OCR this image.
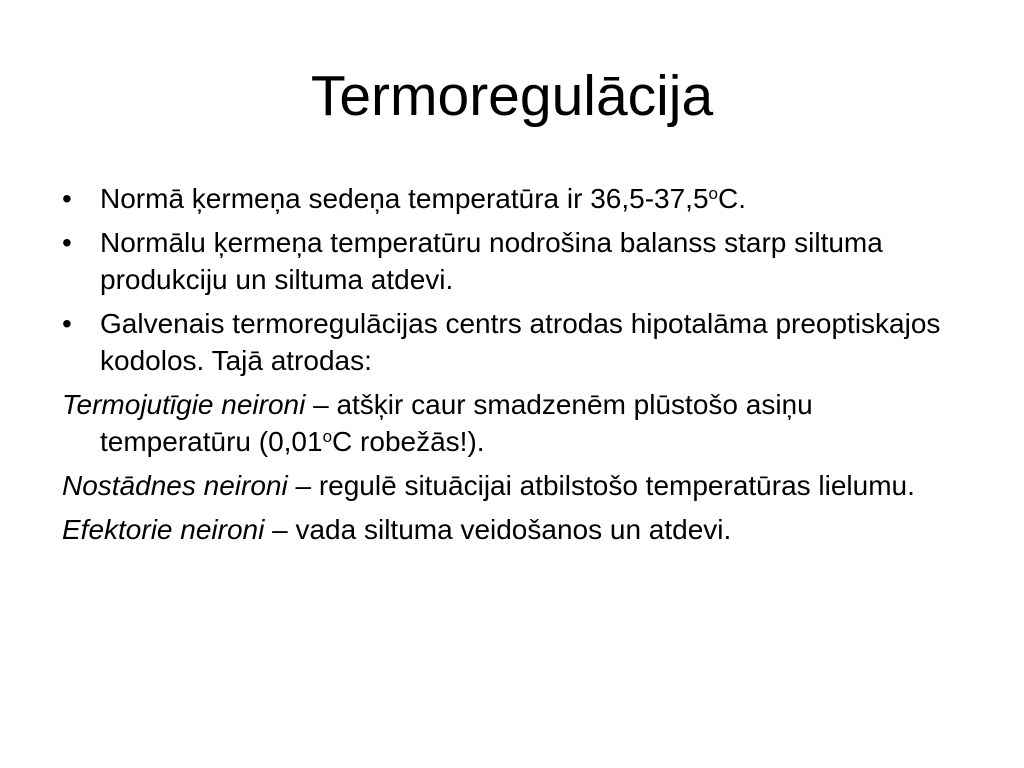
Termoregulācija
• Normā ķermeņa sedeņa temperatūra ir 36,5-37,5$^o$C.
• Normālu ķermeņa temperatūru nodrošina balanss starp siltuma produkciju un siltuma atdevi.
• Galvenais termoregulācijas centrs atrodas hipotalāma preoptiskajos kodolos. Tajā atrodas:
Termojutīgie neironi – atšķir caur smadzenēm plūstošo asiņu temperatūru (0,01$^o$C robežās!).
Nostādnes neironi – regulē situācijai atbilstošo temperatūras lielumu.
Efektorie neironi – vada siltuma veidošanos un atdevi.
